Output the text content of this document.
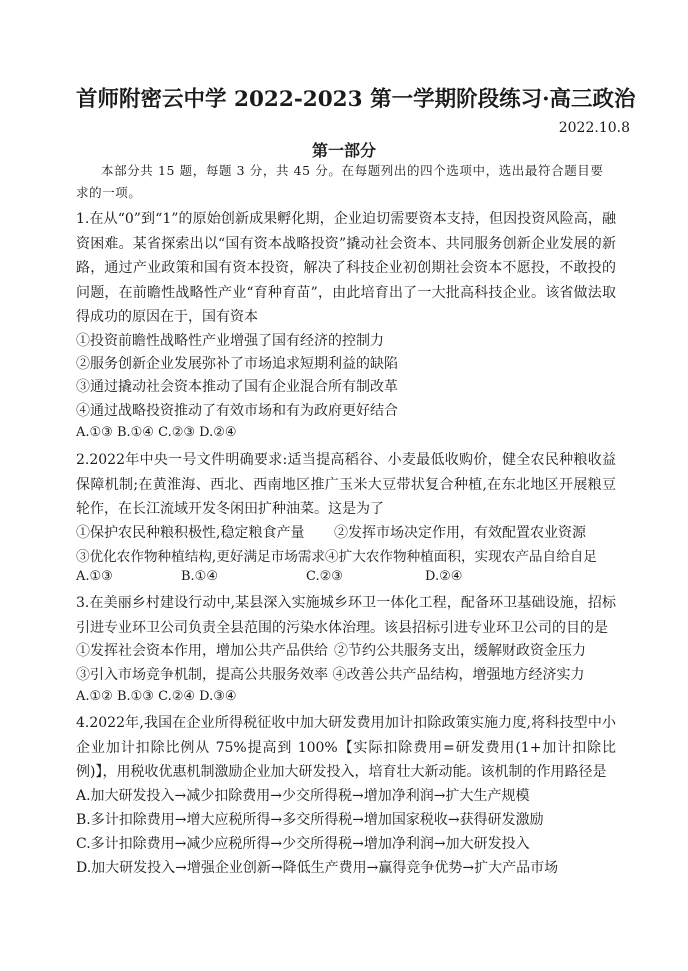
首师附密云中学 2022-2023 第一学期阶段练习·高三政治
2022.10.8
第一部分
本部分共 15 题，每题 3 分，共 45 分。在每题列出的四个选项中，选出最符合题目要求的一项。
1.在从“0”到“1”的原始创新成果孵化期，企业迫切需要资本支持，但因投资风险高，融资困难。某省探索出以“国有资本战略投资”撬动社会资本、共同服务创新企业发展的新路，通过产业政策和国有资本投资，解决了科技企业初创期社会资本不愿投，不敢投的问题，在前瞻性战略性产业“育种育苗”，由此培育出了一大批高科技企业。该省做法取得成功的原因在于，国有资本
①投资前瞻性战略性产业增强了国有经济的控制力
②服务创新企业发展弥补了市场追求短期利益的缺陷
③通过撬动社会资本推动了国有企业混合所有制改革
④通过战略投资推动了有效市场和有为政府更好结合
A.①③ B.①④ C.②③ D.②④
2.2022年中央一号文件明确要求:适当提高稻谷、小麦最低收购价，健全农民种粮收益保障机制;在黄淮海、西北、西南地区推广玉米大豆带状复合种植,在东北地区开展粮豆轮作，在长江流域开发冬闲田扩种油菜。这是为了
①保护农民种粮积极性,稳定粮食产量 ②发挥市场决定作用，有效配置农业资源
③优化农作物种植结构,更好满足市场需求④扩大农作物种植面积，实现农产品自给自足
A.①③	B.①④	C.②③	D.②④
3.在美丽乡村建设行动中,某县深入实施城乡环卫一体化工程，配备环卫基础设施，招标引进专业环卫公司负责全县范围的污染水体治理。该县招标引进专业环卫公司的目的是
①发挥社会资本作用，增加公共产品供给 ②节约公共服务支出，缓解财政资金压力
③引入市场竞争机制，提高公共服务效率 ④改善公共产品结构，增强地方经济实力
A.①② B.①③ C.②④ D.③④
4.2022年,我国在企业所得税征收中加大研发费用加计扣除政策实施力度,将科技型中小企业加计扣除比例从 75%提高到 100%【实际扣除费用=研发费用(1+加计扣除比例)】，用税收优惠机制激励企业加大研发投入，培育壮大新动能。该机制的作用路径是
A.加大研发投入→减少扣除费用→少交所得税→增加净利润→扩大生产规模
B.多计扣除费用→增大应税所得→多交所得税→增加国家税收→获得研发激励
C.多计扣除费用→减少应税所得→少交所得税→增加净利润→加大研发投入
D.加大研发投入→增强企业创新→降低生产费用→赢得竞争优势→扩大产品市场
